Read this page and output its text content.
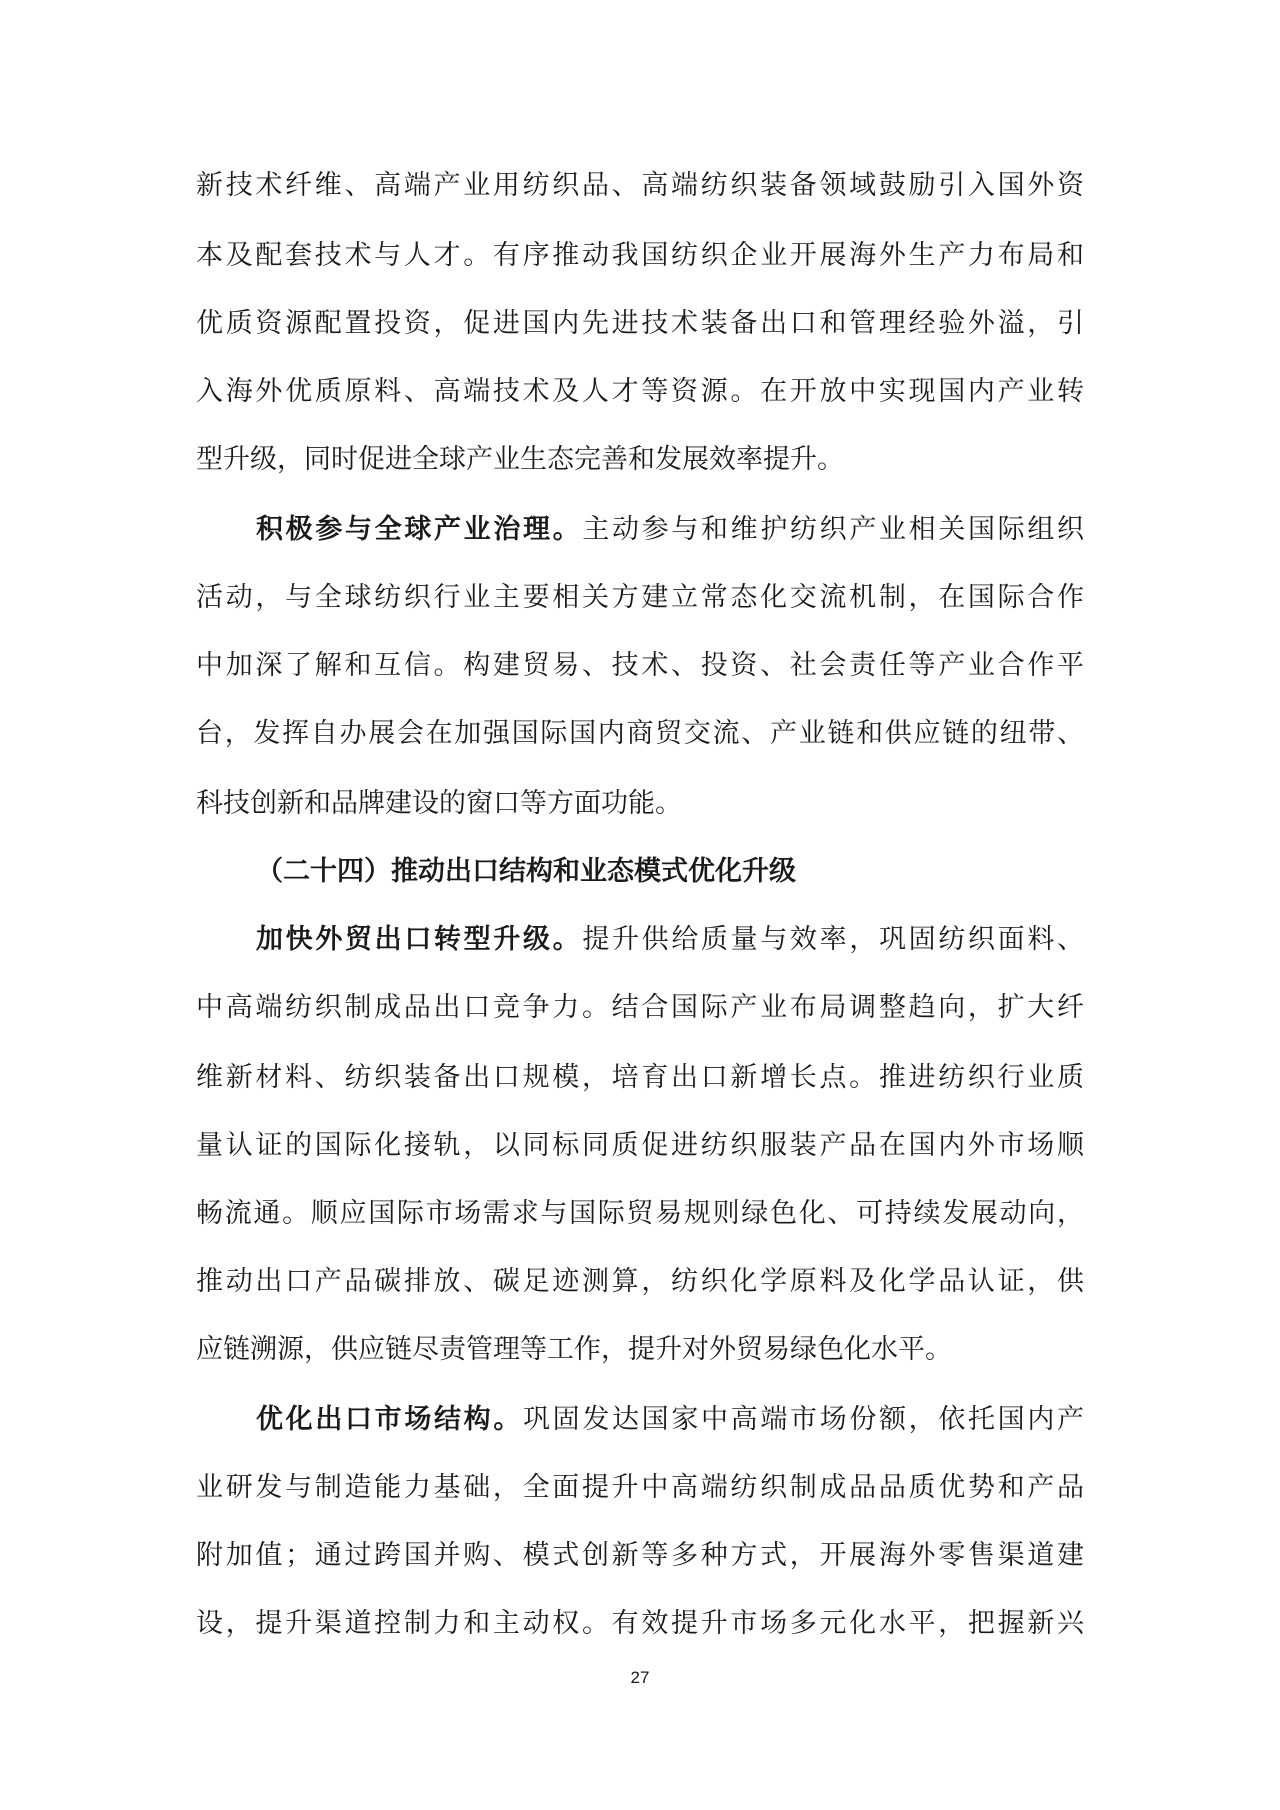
新技术纤维、高端产业用纺织品、高端纺织装备领域鼓励引入国外资
本及配套技术与人才。有序推动我国纺织企业开展海外生产力布局和
优质资源配置投资，促进国内先进技术装备出口和管理经验外溢，引
入海外优质原料、高端技术及人才等资源。在开放中实现国内产业转
型升级，同时促进全球产业生态完善和发展效率提升。
积极参与全球产业治理。主动参与和维护纺织产业相关国际组织
活动，与全球纺织行业主要相关方建立常态化交流机制，在国际合作
中加深了解和互信。构建贸易、技术、投资、社会责任等产业合作平
台，发挥自办展会在加强国际国内商贸交流、产业链和供应链的纽带、
科技创新和品牌建设的窗口等方面功能。
（二十四）推动出口结构和业态模式优化升级
加快外贸出口转型升级。提升供给质量与效率，巩固纺织面料、
中高端纺织制成品出口竞争力。结合国际产业布局调整趋向，扩大纤
维新材料、纺织装备出口规模，培育出口新增长点。推进纺织行业质
量认证的国际化接轨，以同标同质促进纺织服装产品在国内外市场顺
畅流通。顺应国际市场需求与国际贸易规则绿色化、可持续发展动向，
推动出口产品碳排放、碳足迹测算，纺织化学原料及化学品认证，供
应链溯源，供应链尽责管理等工作，提升对外贸易绿色化水平。
优化出口市场结构。巩固发达国家中高端市场份额，依托国内产
业研发与制造能力基础，全面提升中高端纺织制成品品质优势和产品
附加值；通过跨国并购、模式创新等多种方式，开展海外零售渠道建
设，提升渠道控制力和主动权。有效提升市场多元化水平，把握新兴
27
